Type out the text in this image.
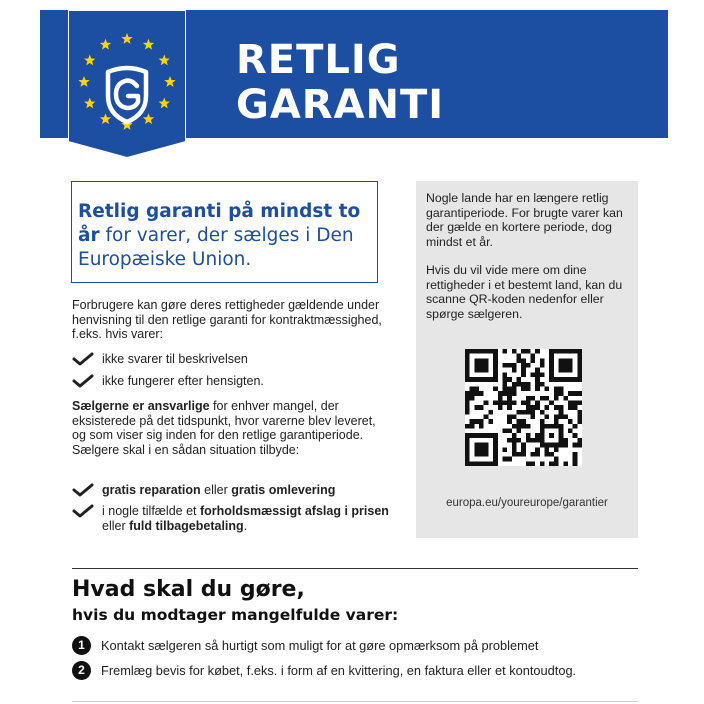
RETLIG
GARANTI
Retlig garanti på mindst to år for varer, der sælges i Den Europæiske Union.
Forbrugere kan gøre deres rettigheder gældende under henvisning til den retlige garanti for kontraktmæssighed, f.eks. hvis varer:
ikke svarer til beskrivelsen
ikke fungerer efter hensigten.
Sælgerne er ansvarlige for enhver mangel, der eksisterede på det tidspunkt, hvor varerne blev leveret, og som viser sig inden for den retlige garantiperiode. Sælgere skal i en sådan situation tilbyde:
gratis reparation eller gratis omlevering
i nogle tilfælde et forholdsmæssigt afslag i prisen eller fuld tilbagebetaling.
Nogle lande har en længere retlig garantiperiode. For brugte varer kan der gælde en kortere periode, dog mindst et år.
Hvis du vil vide mere om dine rettigheder i et bestemt land, kan du scanne QR-koden nedenfor eller spørge sælgeren.
europa.eu/youreurope/garantier
Hvad skal du gøre,
hvis du modtager mangelfulde varer:
1	Kontakt sælgeren så hurtigt som muligt for at gøre opmærksom på problemet
2	Fremlæg bevis for købet, f.eks. i form af en kvittering, en faktura eller et kontoudtog.
